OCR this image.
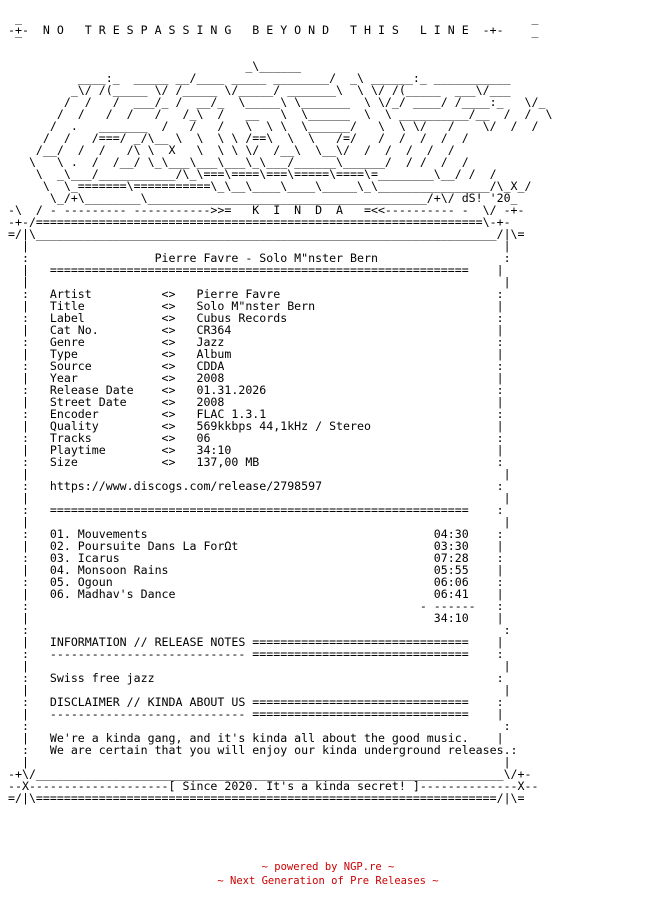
_                                                                         _
-+-  N O   T R E S P A S S I N G   B E Y O N D   T H I S   L I N E  -+-
‾                                                                         ‾

_\______
____:_  _____ __/____ _____ ________/  _\ ______:_ ___________
_\/ /(_____ \/ /_____ \/_____/ _______\  \ \/ /(_____  ___\/___
/  /   /  ___/_ /  __/_  \_____\ \_______  \ \/_/ ____/ /____:_   \/_
/  /   /  /   /   /_\  /   __   \  \______  \  \ __________/__  /  /  \
/  .   _______  /   /   /   \  \ \  \______/   \  \ \/   /    \/  /  /
/  /   /===/ _/\__ \  \  \ \ /==\  \  \   /=/   /  /  /  /  /
/__/  /  /   /\ \  X   \  \ \ \/  /__\  \__\/  /  /  /  /  /
\   \ .  /  /__/ \_\___\___\___\_\___/______\______/  / /  /  /
\  _\___/___________/\_\===\====\===\=====\====\=________\__/ /  /
\  \_=======\===========\_\__\____\____\_____\_\________________/\_X_/
\_/+\________\________________________________________/+\/ dS! '20_
-\  / - --------- ----------->>=   K  I  N  D  A   =<<---------- -  \/ -+-
-+-/================================================================\-+-
=/|\__________________________________________________________________/|\=
|                                                                    |
:                  Pierre Favre - Solo M"nster Bern                  :
|   ============================================================    |
|                                                                    |
:   Artist          <>   Pierre Favre                               :
|   Title           <>   Solo M"nster Bern                          |
:   Label           <>   Cubus Records                              :
|   Cat No.         <>   CR364                                      |
:   Genre           <>   Jazz                                       :
|   Type            <>   Album                                      |
:   Source          <>   CDDA                                       :
|   Year            <>   2008                                       |
:   Release Date    <>   01.31.2026                                 :
|   Street Date     <>   2008                                       |
:   Encoder         <>   FLAC 1.3.1                                 :
|   Quality         <>   569kkbps 44,1kHz / Stereo                  |
:   Tracks          <>   06                                         :
|   Playtime        <>   34:10                                      |
:   Size            <>   137,00 MB                                  :
|                                                                    |
:   https://www.discogs.com/release/2798597                         :
|                                                                    |
:   ============================================================    :
|                                                                    |
:   01. Mouvements                                         04:30    :
|   02. Poursuite Dans La ForΩt                            03:30    |
:   03. Icarus                                             07:28    :
|   04. Monsoon Rains                                      05:55    |
:   05. Ogoun                                              06:06    :
|   06. Madhav's Dance                                     06:41    |
:                                                        - ------   :
|                                                          34:10    |
:                                                                    :
|   INFORMATION // RELEASE NOTES ===============================    |
:   ---------------------------- ===============================    :
|                                                                    |
:   Swiss free jazz                                                 :
|                                                                    |
:   DISCLAIMER // KINDA ABOUT US ===============================    :
|   ---------------------------- ===============================    |
:                                                                    :
|   We're a kinda gang, and it's kinda all about the good music.    |
:   We are certain that you will enjoy our kinda underground releases.:
|                                                                    |
-+\/___________________________________________________________________\/+-
--X--------------------[ Since 2020. It's a kinda secret! ]--------------X--
=/|\==================================================================/|\=
~ powered by NGP.re ~
~ Next Generation of Pre Releases ~
